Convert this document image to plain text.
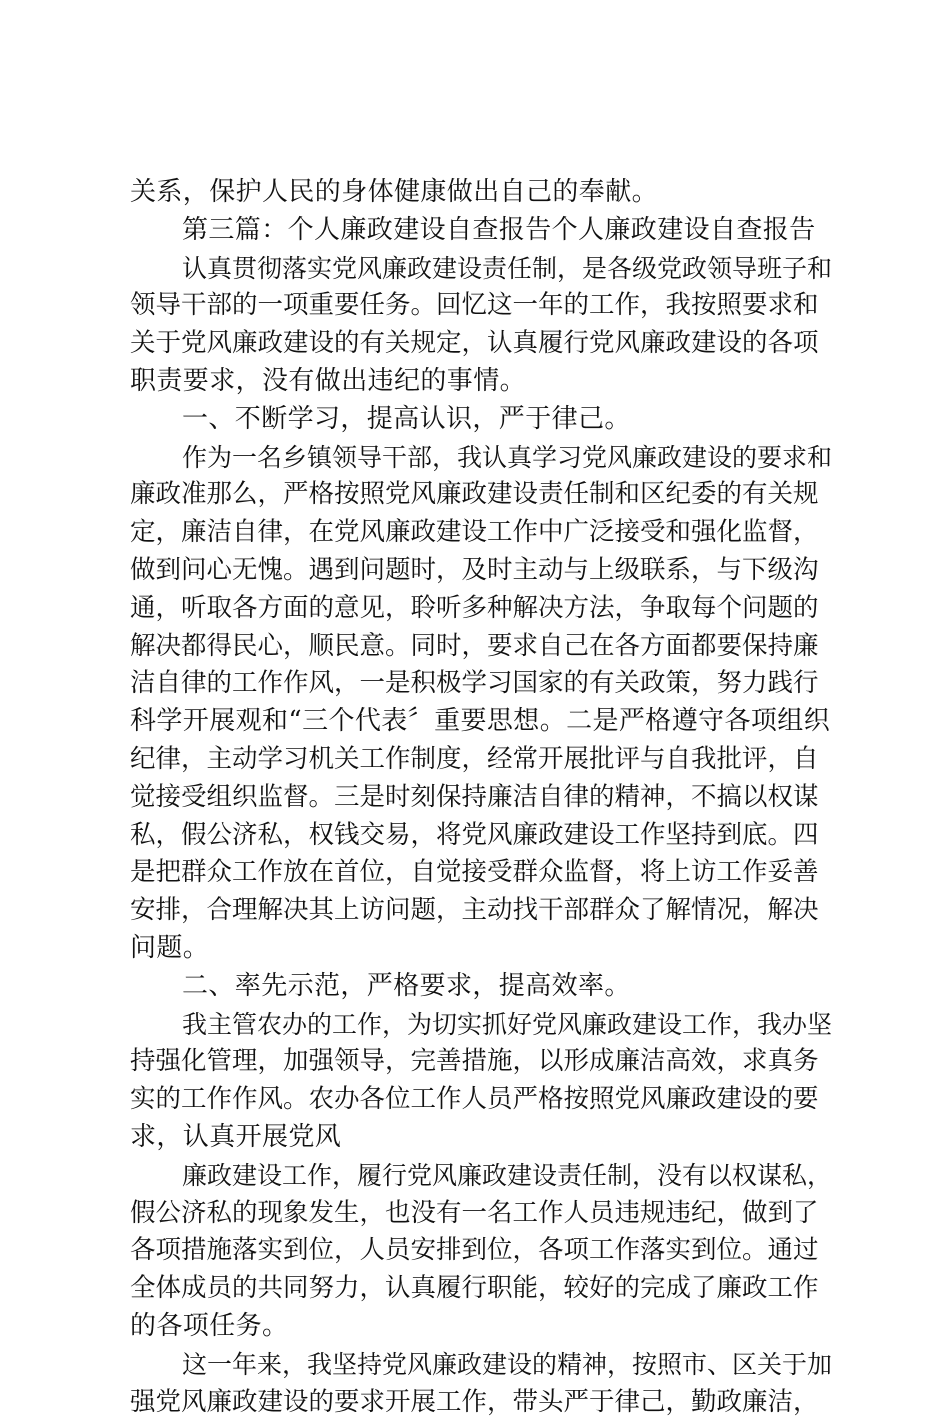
关系，保护人民的身体健康做出自己的奉献。
第三篇：个人廉政建设自查报告个人廉政建设自查报告
认真贯彻落实党风廉政建设责任制，是各级党政领导班子和
领导干部的一项重要任务。回忆这一年的工作，我按照要求和
关于党风廉政建设的有关规定，认真履行党风廉政建设的各项
职责要求，没有做出违纪的事情。
一、不断学习，提高认识，严于律己。
作为一名乡镇领导干部，我认真学习党风廉政建设的要求和
廉政准那么，严格按照党风廉政建设责任制和区纪委的有关规
定，廉洁自律，在党风廉政建设工作中广泛接受和强化监督，
做到问心无愧。遇到问题时，及时主动与上级联系，与下级沟
通，听取各方面的意见，聆听多种解决方法，争取每个问题的
解决都得民心，顺民意。同时，要求自己在各方面都要保持廉
洁自律的工作作风，一是积极学习国家的有关政策，努力践行
科学开展观和“三个代表〞重要思想。二是严格遵守各项组织
纪律，主动学习机关工作制度，经常开展批评与自我批评，自
觉接受组织监督。三是时刻保持廉洁自律的精神，不搞以权谋
私，假公济私，权钱交易，将党风廉政建设工作坚持到底。四
是把群众工作放在首位，自觉接受群众监督，将上访工作妥善
安排，合理解决其上访问题，主动找干部群众了解情况，解决
问题。
二、率先示范，严格要求，提高效率。
我主管农办的工作，为切实抓好党风廉政建设工作，我办坚
持强化管理，加强领导，完善措施，以形成廉洁高效，求真务
实的工作作风。农办各位工作人员严格按照党风廉政建设的要
求，认真开展党风
廉政建设工作，履行党风廉政建设责任制，没有以权谋私，
假公济私的现象发生，也没有一名工作人员违规违纪，做到了
各项措施落实到位，人员安排到位，各项工作落实到位。通过
全体成员的共同努力，认真履行职能，较好的完成了廉政工作
的各项任务。
这一年来，我坚持党风廉政建设的精神，按照市、区关于加
强党风廉政建设的要求开展工作，带头严于律己，勤政廉洁，
